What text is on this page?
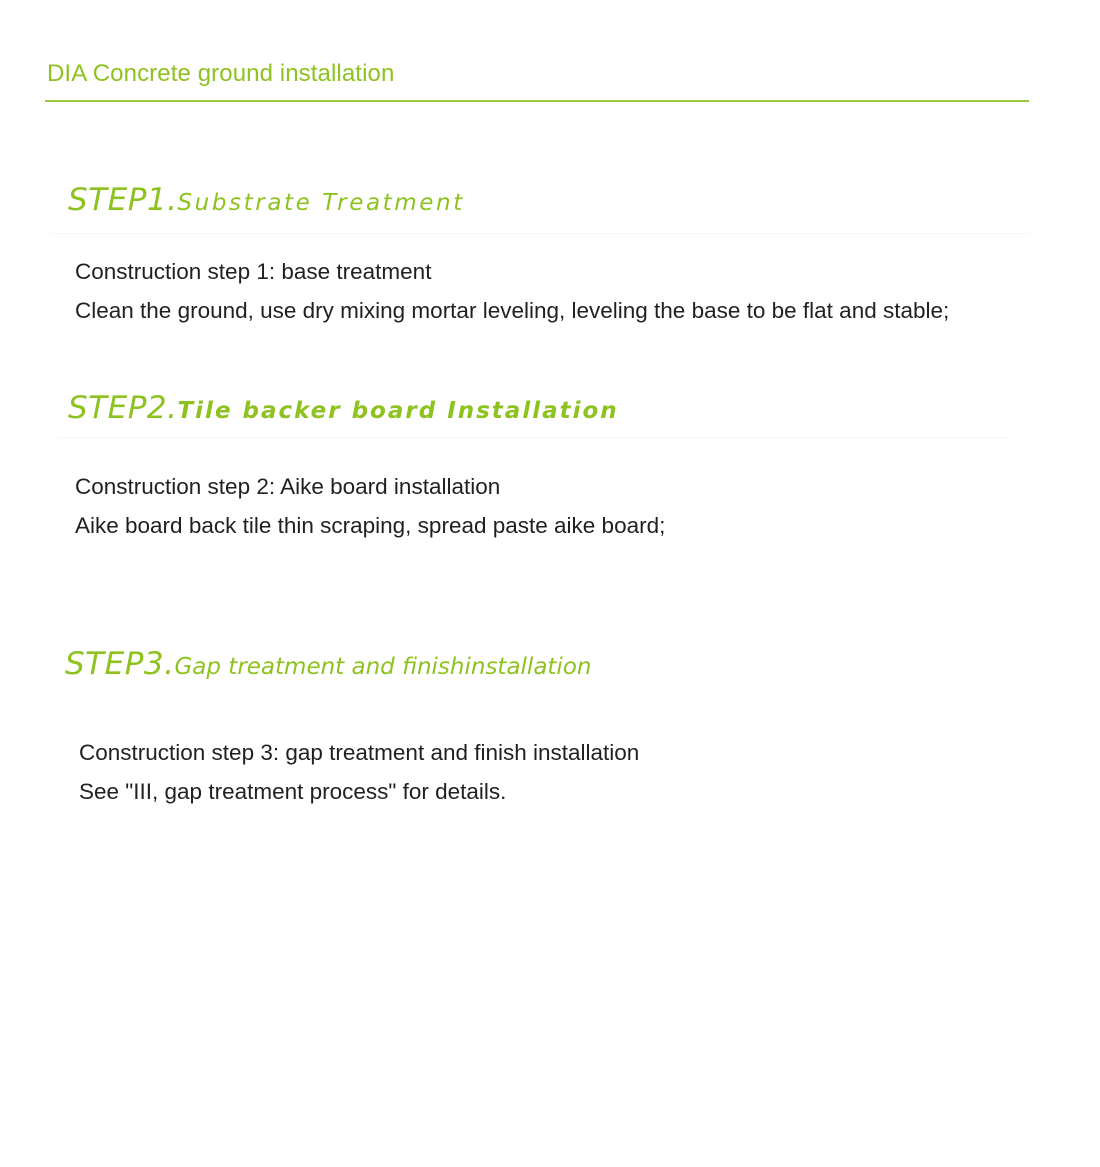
DIA Concrete ground installation
STEP1.Substrate Treatment
Construction step 1: base treatment
Clean the ground, use dry mixing mortar leveling, leveling the base to be flat and stable;
STEP2.Tile backer board Installation
Construction step 2: Aike board installation
Aike board back tile thin scraping, spread paste aike board;
STEP3.Gap treatment and finishinstallation
Construction step 3: gap treatment and finish installation
See "III, gap treatment process" for details.
